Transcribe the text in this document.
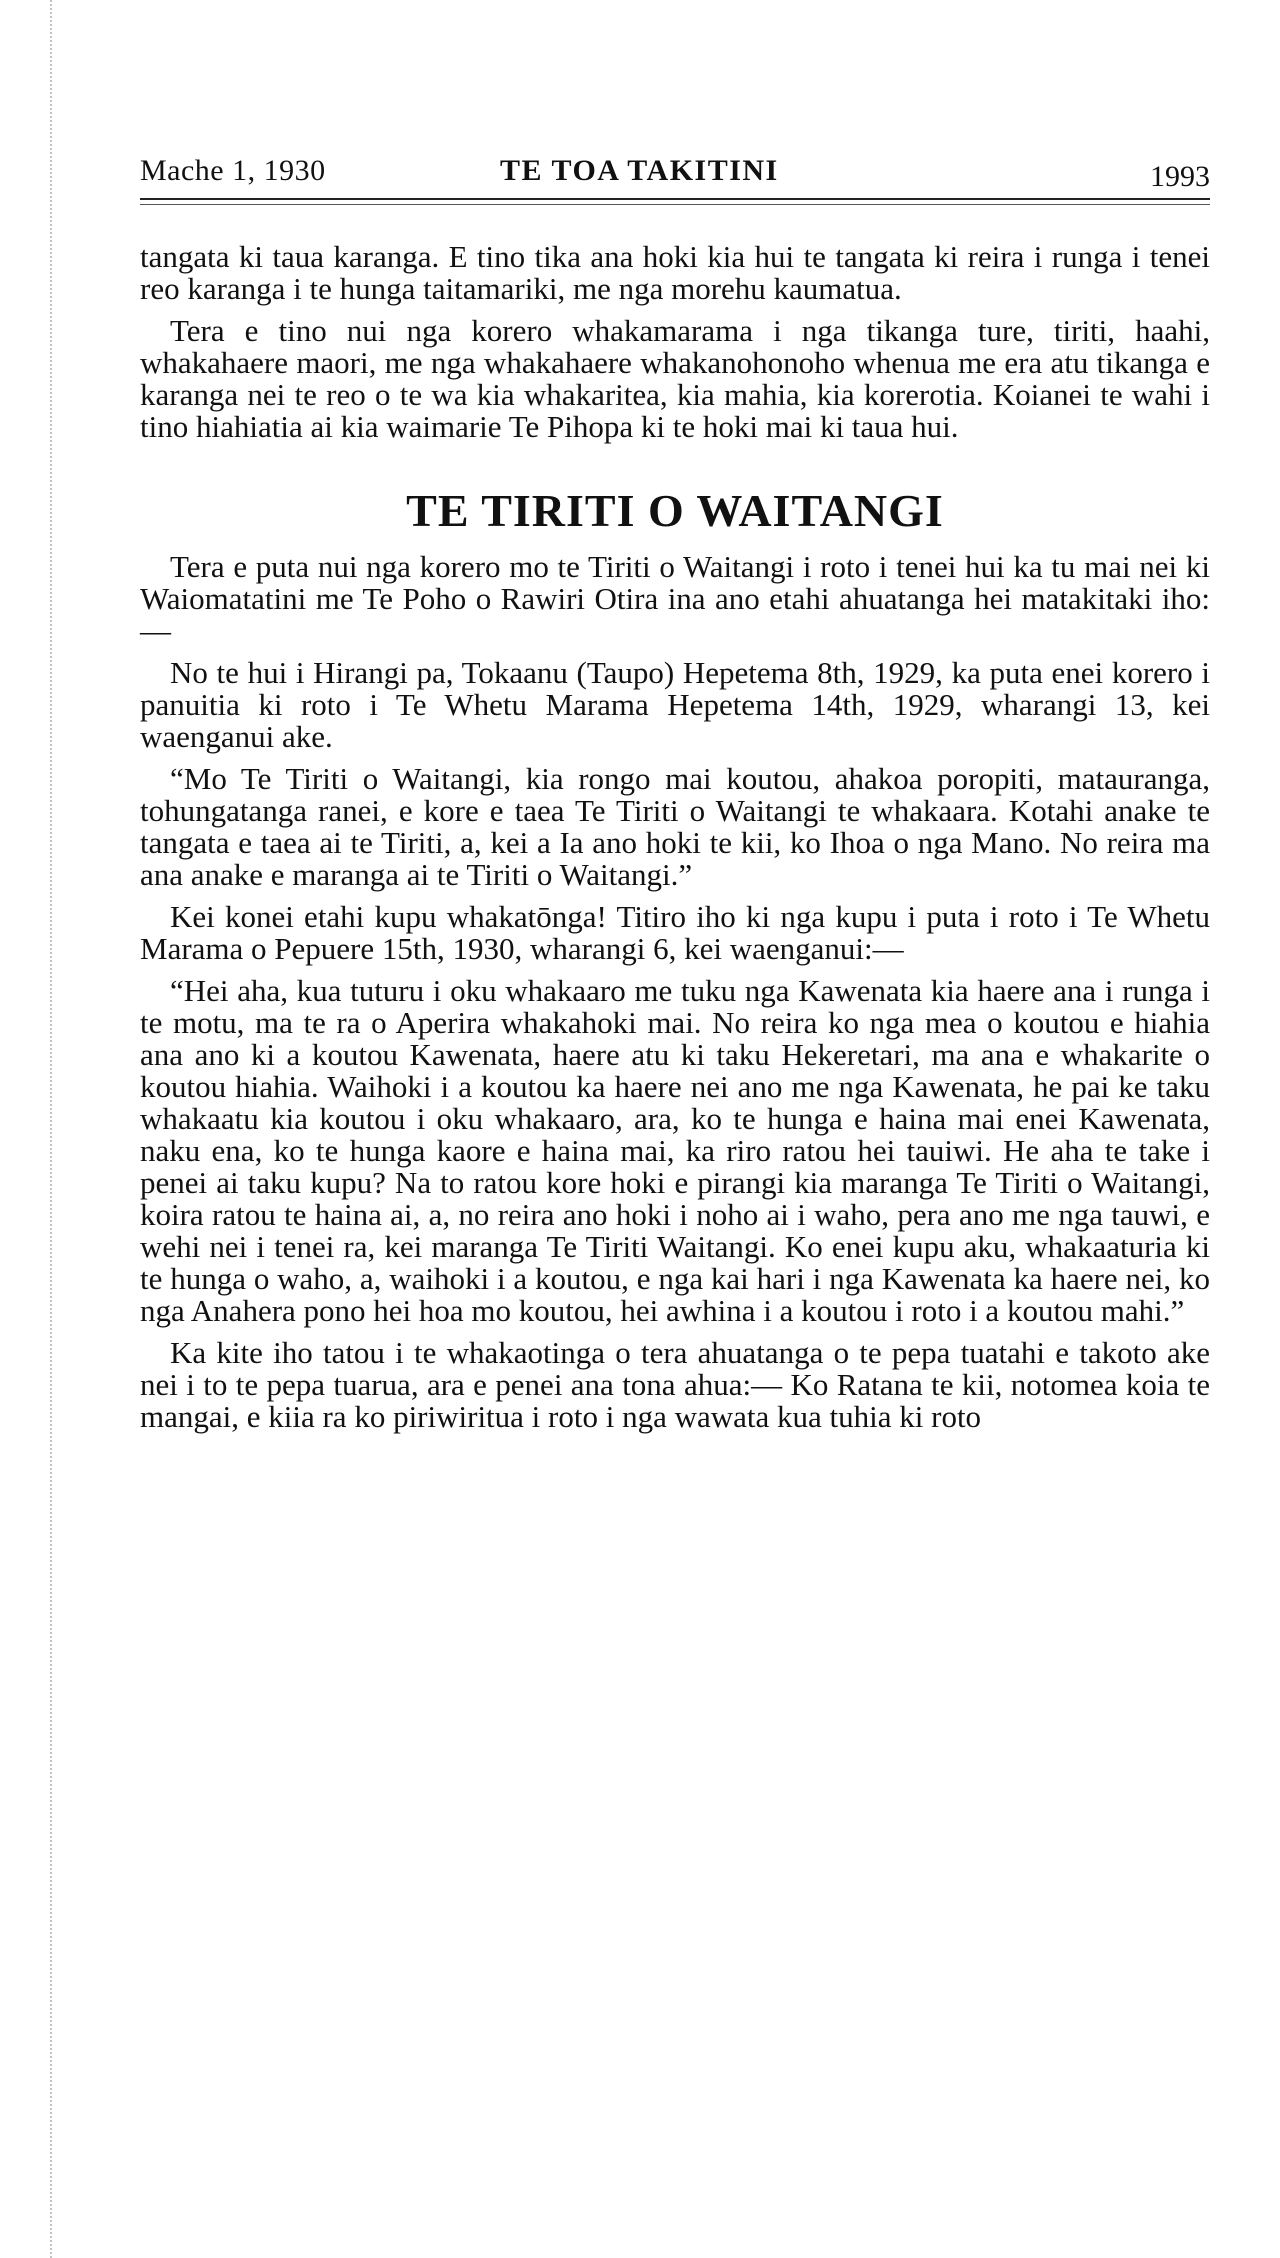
Mache 1, 1930	TE TOA TAKITINI	1993

tangata ki taua karanga. E tino tika ana hoki kia hui te tangata ki reira i runga i tenei reo karanga i te hunga taitamariki, me nga morehu kaumatua.

Tera e tino nui nga korero whakamarama i nga tikanga ture, tiriti, haahi, whakahaere maori, me nga whakahaere whakanohonoho whenua me era atu tikanga e karanga nei te reo o te wa kia whakaritea, kia mahia, kia korerotia. Koianei te wahi i tino hiahiatia ai kia waimarie Te Pihopa ki te hoki mai ki taua hui.

TE TIRITI O WAITANGI

Tera e puta nui nga korero mo te Tiriti o Waitangi i roto i tenei hui ka tu mai nei ki Waiomatatini me Te Poho o Rawiri Otira ina ano etahi ahuatanga hei matakitaki iho:—

No te hui i Hirangi pa, Tokaanu (Taupo) Hepetema 8th, 1929, ka puta enei korero i panuitia ki roto i Te Whetu Marama Hepetema 14th, 1929, wharangi 13, kei waenganui ake.

“Mo Te Tiriti o Waitangi, kia rongo mai koutou, ahakoa poropiti, matauranga, tohungatanga ranei, e kore e taea Te Tiriti o Waitangi te whakaara. Kotahi anake te tangata e taea ai te Tiriti, a, kei a Ia ano hoki te kii, ko Ihoa o nga Mano. No reira ma ana anake e maranga ai te Tiriti o Waitangi.”

Kei konei etahi kupu whakatōnga! Titiro iho ki nga kupu i puta i roto i Te Whetu Marama o Pepuere 15th, 1930, wharangi 6, kei waenganui:—

“Hei aha, kua tuturu i oku whakaaro me tuku nga Kawenata kia haere ana i runga i te motu, ma te ra o Aperira whakahoki mai. No reira ko nga mea o koutou e hiahia ana ano ki a koutou Kawenata, haere atu ki taku Hekeretari, ma ana e whakarite o koutou hiahia. Waihoki i a koutou ka haere nei ano me nga Kawenata, he pai ke taku whakaatu kia koutou i oku whakaaro, ara, ko te hunga e haina mai enei Kawenata, naku ena, ko te hunga kaore e haina mai, ka riro ratou hei tauiwi. He aha te take i penei ai taku kupu? Na to ratou kore hoki e pirangi kia maranga Te Tiriti o Waitangi, koira ratou te haina ai, a, no reira ano hoki i noho ai i waho, pera ano me nga tauwi, e wehi nei i tenei ra, kei maranga Te Tiriti Waitangi. Ko enei kupu aku, whakaaturia ki te hunga o waho, a, waihoki i a koutou, e nga kai hari i nga Kawenata ka haere nei, ko nga Anahera pono hei hoa mo koutou, hei awhina i a koutou i roto i a koutou mahi.”

Ka kite iho tatou i te whakaotinga o tera ahuatanga o te pepa tuatahi e takoto ake nei i to te pepa tuarua, ara e penei ana tona ahua:— Ko Ratana te kii, notomea koia te mangai, e kiia ra ko piriwiritua i roto i nga wawata kua tuhia ki roto
